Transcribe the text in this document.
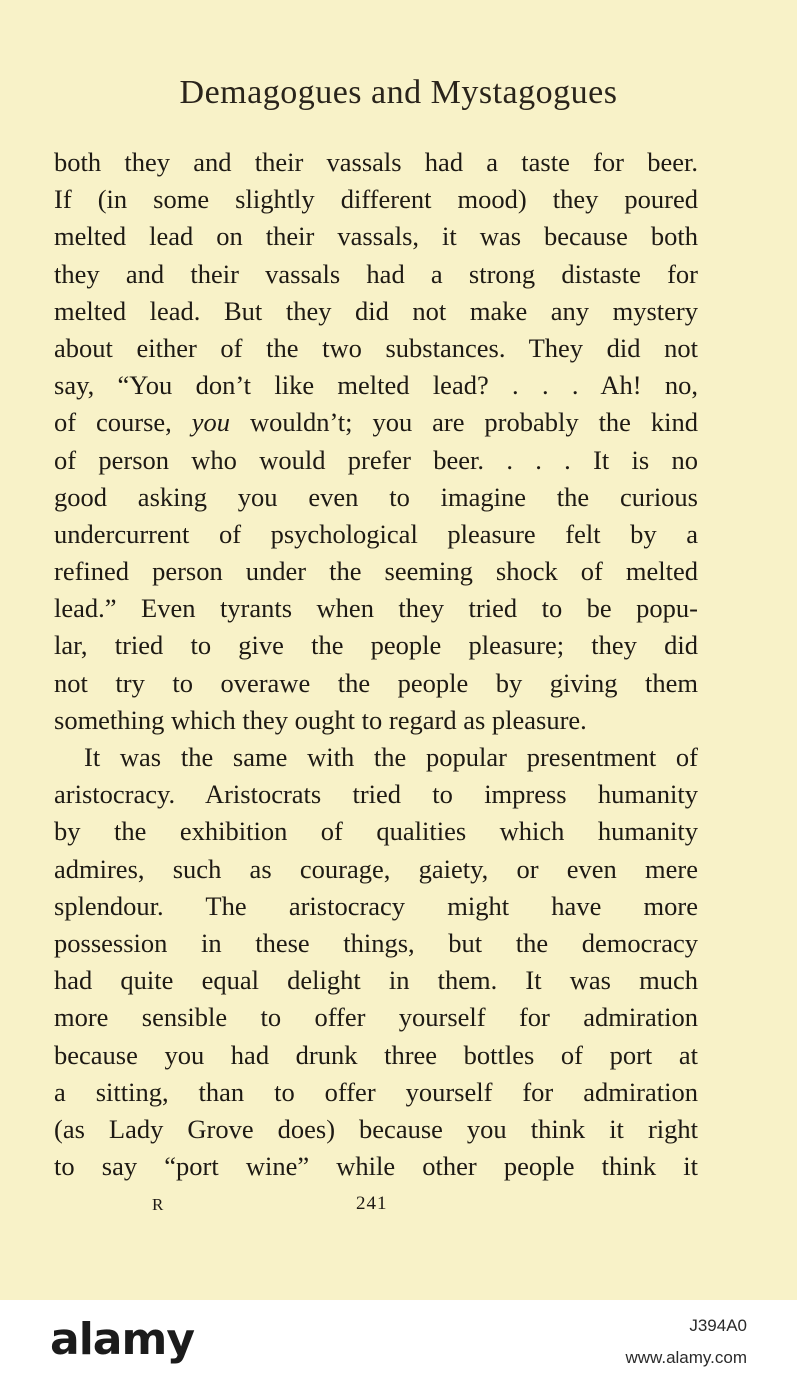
Demagogues and Mystagogues
both they and their vassals had a taste for beer.
If (in some slightly different mood) they poured
melted lead on their vassals, it was because both
they and their vassals had a strong distaste for
melted lead. But they did not make any mystery
about either of the two substances. They did not
say, “You don’t like melted lead? . . . Ah! no,
of course, you wouldn’t; you are probably the kind
of person who would prefer beer. . . . It is no
good asking you even to imagine the curious
undercurrent of psychological pleasure felt by a
refined person under the seeming shock of melted
lead.” Even tyrants when they tried to be popu-
lar, tried to give the people pleasure; they did
not try to overawe the people by giving them
something which they ought to regard as pleasure.
It was the same with the popular presentment of
aristocracy. Aristocrats tried to impress humanity
by the exhibition of qualities which humanity
admires, such as courage, gaiety, or even mere
splendour. The aristocracy might have more
possession in these things, but the democracy
had quite equal delight in them. It was much
more sensible to offer yourself for admiration
because you had drunk three bottles of port at
a sitting, than to offer yourself for admiration
(as Lady Grove does) because you think it right
to say “port wine” while other people think it
R	241
alamy	J394A0
www.alamy.com
